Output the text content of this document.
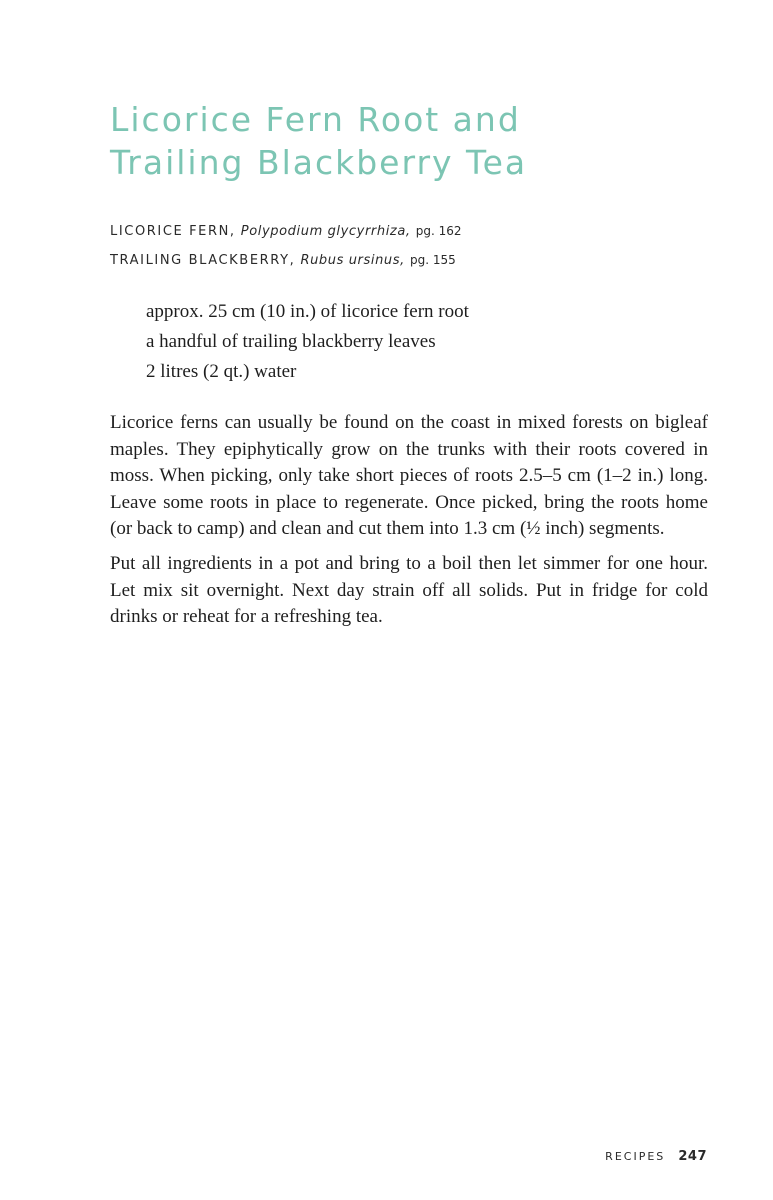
Licorice Fern Root and
Trailing Blackberry Tea
LICORICE FERN, Polypodium glycyrrhiza, pg. 162
TRAILING BLACKBERRY, Rubus ursinus, pg. 155
approx. 25 cm (10 in.) of licorice fern root
a handful of trailing blackberry leaves
2 litres (2 qt.) water

Licorice ferns can usually be found on the coast in mixed forests on bigleaf maples. They epiphytically grow on the trunks with their roots covered in moss. When picking, only take short pieces of roots 2.5–5 cm (1–2 in.) long. Leave some roots in place to regenerate. Once picked, bring the roots home (or back to camp) and clean and cut them into 1.3 cm (½ inch) segments.

Put all ingredients in a pot and bring to a boil then let simmer for one hour. Let mix sit overnight. Next day strain off all solids. Put in fridge for cold drinks or reheat for a refreshing tea.

RECIPES 247
